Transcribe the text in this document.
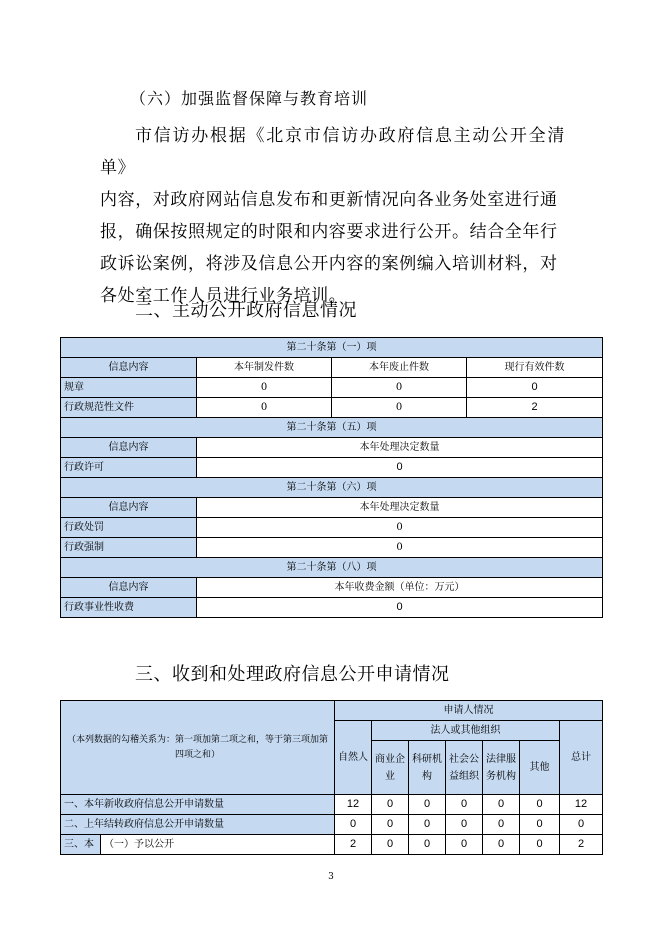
（六）加强监督保障与教育培训

市信访办根据《北京市信访办政府信息主动公开全清单》

内容，对政府网站信息发布和更新情况向各业务处室进行通

报，确保按照规定的时限和内容要求进行公开。结合全年行

政诉讼案例，将涉及信息公开内容的案例编入培训材料，对

各处室工作人员进行业务培训。

二、主动公开政府信息情况
第二十条第（一）项			
信息内容	本年制发件数	本年废止件数	现行有效件数
规章	0	0	0
行政规范性文件	0	0	2
第二十条第（五）项			
信息内容	本年处理决定数量		
行政许可	0		
第二十条第（六）项			
信息内容	本年处理决定数量		
行政处罚	0		
行政强制	0		
第二十条第（八）项			
信息内容	本年收费金额（单位：万元）		
行政事业性收费	0		
三、收到和处理政府信息公开申请情况
（本列数据的勾稽关系为：第一项加第二项之和，等于第三项加第四项之和）		申请人情况						
		自然人	法人或其他组织					总计
			商业企业	科研机构	社会公益组织	法律服务机构	其他	
一、本年新收政府信息公开申请数量		12	0	0	0	0	0	12
二、上年结转政府信息公开申请数量		0	0	0	0	0	0	0
三、本	（一）予以公开	2	0	0	0	0	0	2
3
